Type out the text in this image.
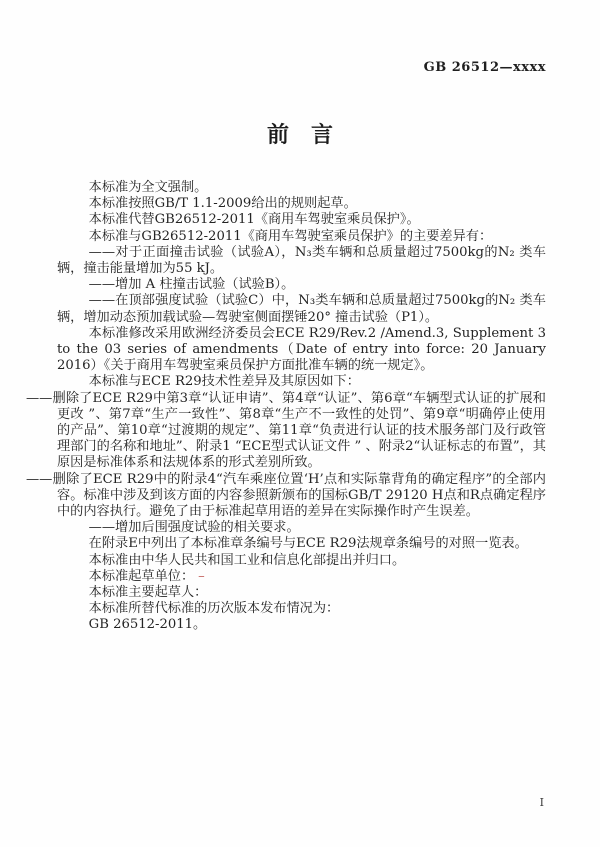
GB 26512—xxxx
前　言

本标准为全文强制。

本标准按照GB/T 1.1-2009给出的规则起草。

本标准代替GB26512-2011《商用车驾驶室乘员保护》。

本标准与GB26512-2011《商用车驾驶室乘员保护》的主要差异有：

——对于正面撞击试验（试验A），N₃类车辆和总质量超过7500kg的N₂ 类车辆，撞击能量增加为55 kJ。

——增加 A 柱撞击试验（试验B）。

——在顶部强度试验（试验C）中，N₃类车辆和总质量超过7500kg的N₂ 类车辆，增加动态预加载试验—驾驶室侧面摆锤20° 撞击试验（P1）。

本标准修改采用欧洲经济委员会ECE R29/Rev.2 /Amend.3, Supplement 3 to the 03 series of amendments（Date of entry into force: 20 January 2016）《关于商用车驾驶室乘员保护方面批准车辆的统一规定》。

本标准与ECE R29技术性差异及其原因如下：

——删除了ECE R29中第3章“认证申请”、第4章“认证”、第6章“车辆型式认证的扩展和更改 ”、第7章“生产一致性”、第8章“生产不一致性的处罚”、第9章“明确停止使用的产品”、第10章“过渡期的规定”、第11章“负责进行认证的技术服务部门及行政管理部门的名称和地址”、附录1 “ECE型式认证文件 ” 、附录2“认证标志的布置”，其原因是标准体系和法规体系的形式差别所致。

——删除了ECE R29中的附录4“汽车乘座位置‘H’点和实际靠背角的确定程序”的全部内容。标准中涉及到该方面的内容参照新颁布的国标GB/T 29120 H点和R点确定程序中的内容执行。避免了由于标准起草用语的差异在实际操作时产生误差。

——增加后围强度试验的相关要求。

在附录E中列出了本标准章条编号与ECE R29法规章条编号的对照一览表。

本标准由中华人民共和国工业和信息化部提出并归口。

本标准起草单位： –

本标准主要起草人：

本标准所替代标准的历次版本发布情况为：

GB 26512-2011。

I
